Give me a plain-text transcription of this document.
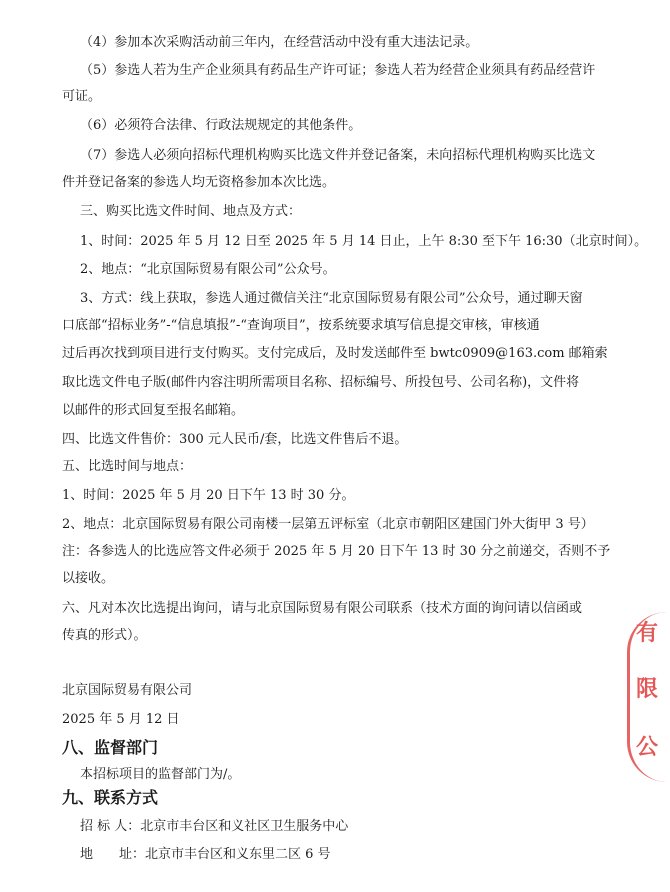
（4）参加本次采购活动前三年内，在经营活动中没有重大违法记录。

（5）参选人若为生产企业须具有药品生产许可证；参选人若为经营企业须具有药品经营许

可证。

（6）必须符合法律、行政法规规定的其他条件。

（7）参选人必须向招标代理机构购买比选文件并登记备案，未向招标代理机构购买比选文

件并登记备案的参选人均无资格参加本次比选。

三、购买比选文件时间、地点及方式：

1、时间：2025 年 5 月 12 日至 2025 年 5 月 14 日止，上午 8:30 至下午 16:30（北京时间）。

2、地点：“北京国际贸易有限公司”公众号。

3、方式：线上获取，参选人通过微信关注“北京国际贸易有限公司”公众号，通过聊天窗

口底部“招标业务”-“信息填报”-“查询项目”，按系统要求填写信息提交审核，审核通

过后再次找到项目进行支付购买。支付完成后，及时发送邮件至 bwtc0909@163.com 邮箱索

取比选文件电子版(邮件内容注明所需项目名称、招标编号、所投包号、公司名称)，文件将

以邮件的形式回复至报名邮箱。

四、比选文件售价：300 元人民币/套，比选文件售后不退。

五、比选时间与地点：

1、时间：2025 年 5 月 20 日下午 13 时 30 分。

2、地点：北京国际贸易有限公司南楼一层第五评标室（北京市朝阳区建国门外大街甲 3 号）

注：各参选人的比选应答文件必须于 2025 年 5 月 20 日下午 13 时 30 分之前递交，否则不予

以接收。

六、凡对本次比选提出询问，请与北京国际贸易有限公司联系（技术方面的询问请以信函或

传真的形式）。

北京国际贸易有限公司

2025 年 5 月 12 日

八、监督部门

本招标项目的监督部门为/。

九、联系方式

招 标 人：北京市丰台区和义社区卫生服务中心

地　　址：北京市丰台区和义东里二区 6 号

有
限
公
